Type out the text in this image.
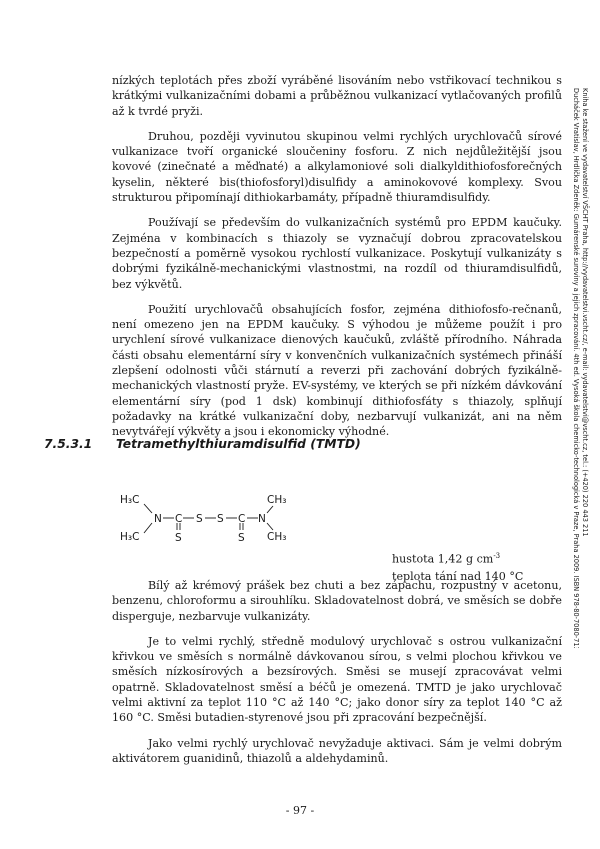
nízkých teplotách přes zboží vyráběné lisováním nebo vstřikovací technikou s krátkými vulkanizačními dobami a průběžnou vulkanizací vytlačovaných profilů až k tvrdé pryži.

Druhou, později vyvinutou skupinou velmi rychlých urychlovačů sírové vulkanizace tvoří organické sloučeniny fosforu. Z nich nejdůležitější jsou kovové (zinečnaté a měďnaté) a alkylamoniové soli dialkyldithiofosforečných kyselin, některé bis(thiofosforyl)disulfidy a aminokovové komplexy. Svou strukturou připomínají dithiokarbamáty, případně thiuramdisulfidy.

Používají se především do vulkanizačních systémů pro EPDM kaučuky. Zejména v kombinacích s thiazoly se vyznačují dobrou zpracovatelskou bezpečností a poměrně vysokou rychlostí vulkanizace. Poskytují vulkanizáty s dobrými fyzikálně-mechanickými vlastnostmi, na rozdíl od thiuramdisulfidů, bez výkvětů.

Použití urychlovačů obsahujících fosfor, zejména dithiofosfo-rečnanů, není omezeno jen na EPDM kaučuky. S výhodou je můžeme použít i pro urychlení sírové vulkanizace dienových kaučuků, zvláště přírodního. Náhrada části obsahu elementární síry v konvenčních vulkanizačních systémech přináší zlepšení odolnosti vůči stárnutí a reverzi při zachování dobrých fyzikálně-mechanických vlastností pryže. EV-systémy, ve kterých se při nízkém dávkování elementární síry (pod 1 dsk) kombinují dithiofosfáty s thiazoly, splňují požadavky na krátké vulkanizační doby, nezbarvují vulkanizát, ani na něm nevytvářejí výkvěty a jsou i ekonomicky výhodné.

7.5.3.1 Tetramethylthiuramdisulfid (TMTD)
H₃C
H₃C
N C S S C N
S	S
CH₃
CH₃
hustota 1,42 g $cm^{-3}$
teplota tání nad 140 °C

Bílý až krémový prášek bez chuti a bez zápachu, rozpustný v acetonu, benzenu, chloroformu a sirouhlíku. Skladovatelnost dobrá, ve směsích se dobře disperguje, nezbarvuje vulkanizáty.

Je to velmi rychlý, středně modulový urychlovač s ostrou vulkanizační křivkou ve směsích s normálně dávkovanou sírou, s velmi plochou křivkou ve směsích nízkosírových a bezsírových. Směsi se musejí zpracovávat velmi opatrně. Skladovatelnost směsí a béčů je omezená. TMTD je jako urychlovač velmi aktivní za teplot 110 °C až 140 °C; jako donor síry za teplot 140 °C až 160 °C. Směsi butadien-styrenové jsou při zpracování bezpečnější.

Jako velmi rychlý urychlovač nevyžaduje aktivaci. Sám je velmi dobrým aktivátorem guanidinů, thiazolů a aldehydaminů.

- 97 -
Ducháček Vratislav, Hrdlička Zdeněk: Gumárenské suroviny a jejich zpracování. 4th ed. Vysoká škola chemicko-technologická v Praze, Praha 2009. ISBN 978-80-7080-713-2 Kniha ke stažení ve vydavatelství VŠCHT Praha, http://vydavatelstvi.vscht.cz/, e-mail: vydavatelstvi@vscht.cz, tel.: (+420) 220 443 211
